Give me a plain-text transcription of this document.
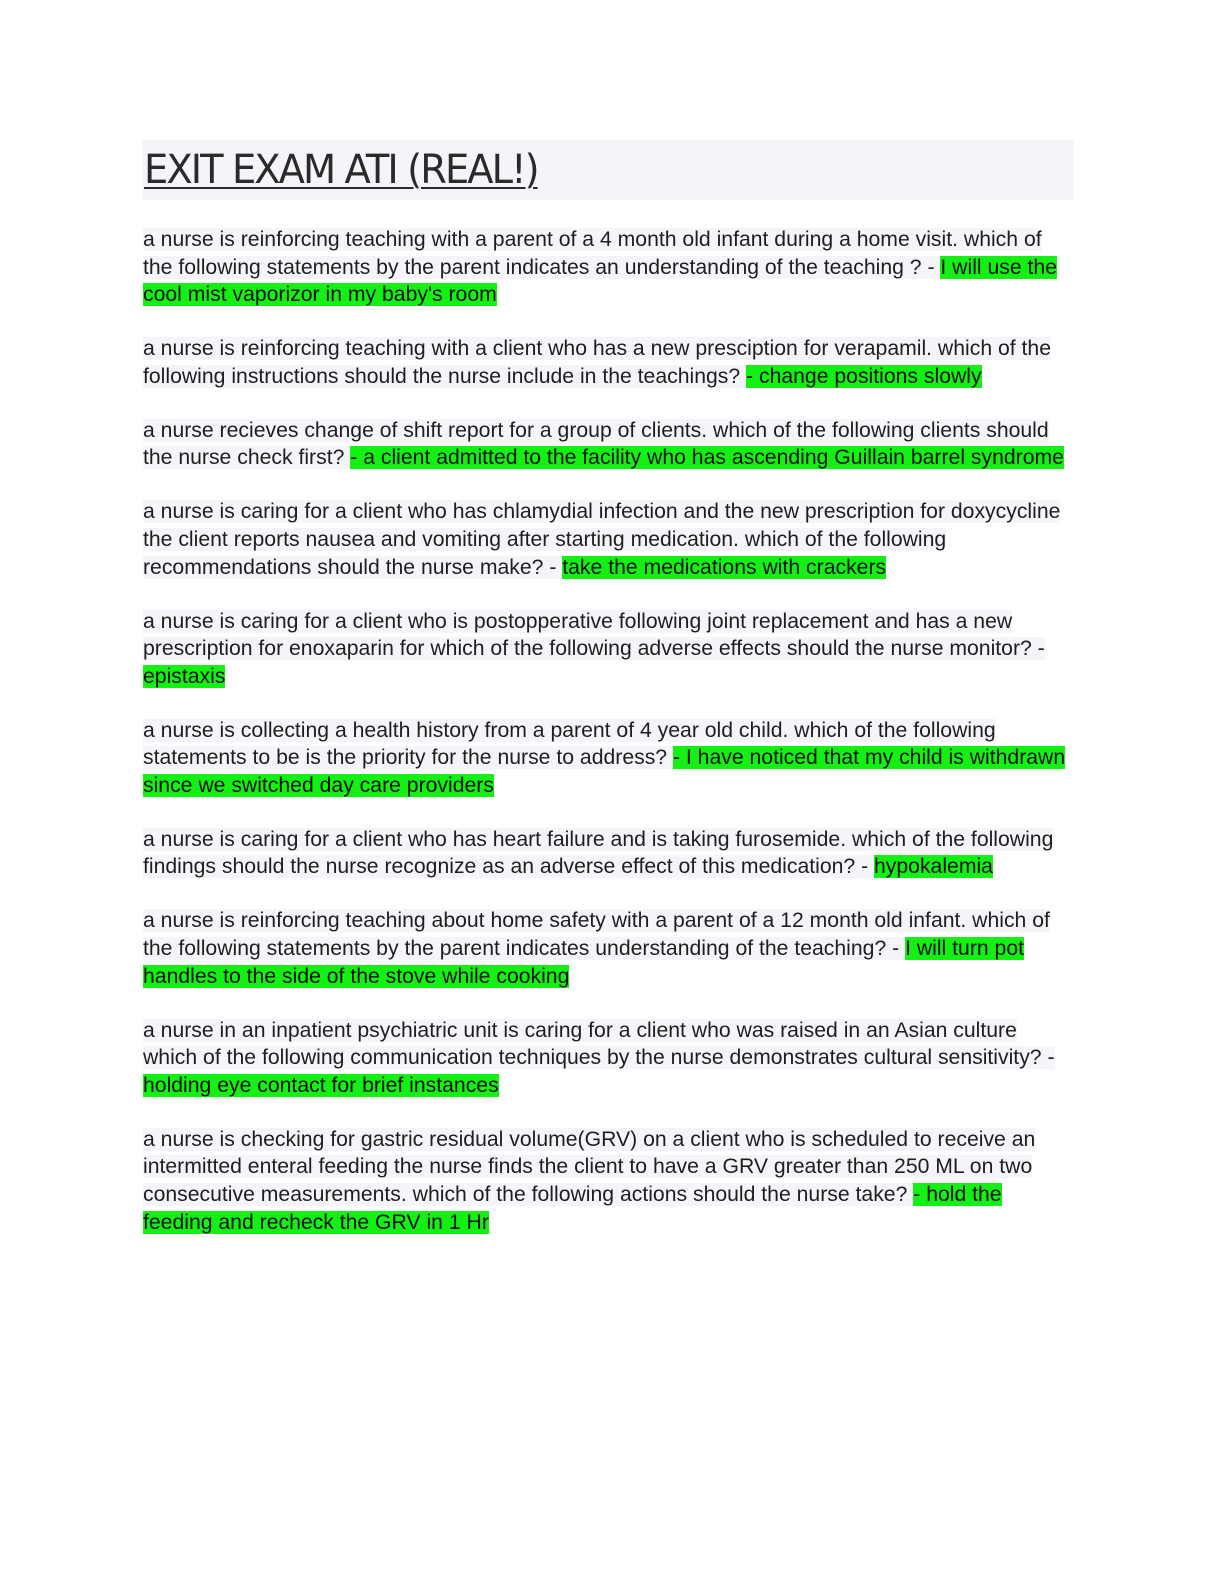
EXIT EXAM ATI (REAL!)

a nurse is reinforcing teaching with a parent of a 4 month old infant during a home visit. which of the following statements by the parent indicates an understanding of the teaching ? - I will use the cool mist vaporizor in my baby's room

a nurse is reinforcing teaching with a client who has a new presciption for verapamil. which of the following instructions should the nurse include in the teachings? - change positions slowly

a nurse recieves change of shift report for a group of clients. which of the following clients should the nurse check first? - a client admitted to the facility who has ascending Guillain barrel syndrome

a nurse is caring for a client who has chlamydial infection and the new prescription for doxycycline the client reports nausea and vomiting after starting medication. which of the following recommendations should the nurse make? - take the medications with crackers

a nurse is caring for a client who is postopperative following joint replacement and has a new prescription for enoxaparin for which of the following adverse effects should the nurse monitor? - epistaxis

a nurse is collecting a health history from a parent of 4 year old child. which of the following statements to be is the priority for the nurse to address? - I have noticed that my child is withdrawn since we switched day care providers

a nurse is caring for a client who has heart failure and is taking furosemide. which of the following findings should the nurse recognize as an adverse effect of this medication? - hypokalemia

a nurse is reinforcing teaching about home safety with a parent of a 12 month old infant. which of the following statements by the parent indicates understanding of the teaching? - I will turn pot handles to the side of the stove while cooking

a nurse in an inpatient psychiatric unit is caring for a client who was raised in an Asian culture which of the following communication techniques by the nurse demonstrates cultural sensitivity? - holding eye contact for brief instances

a nurse is checking for gastric residual volume(GRV) on a client who is scheduled to receive an intermitted enteral feeding the nurse finds the client to have a GRV greater than 250 ML on two consecutive measurements. which of the following actions should the nurse take? - hold the feeding and recheck the GRV in 1 Hr
